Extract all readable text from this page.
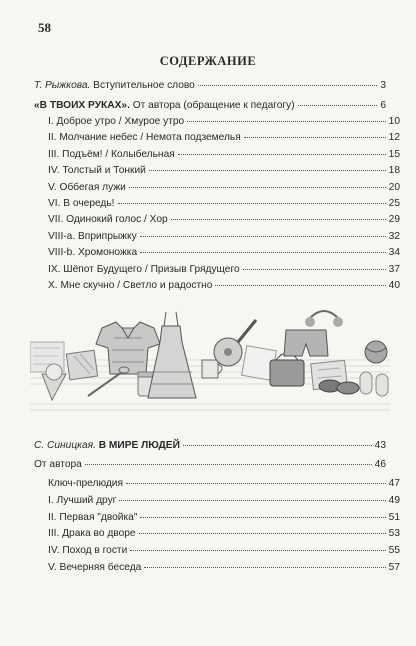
58
СОДЕРЖАНИЕ
Т. Рыжкова. Вступительное слово	3
«В ТВОИХ РУКАХ». От автора (обращение к педагогу)	6
I. Доброе утро / Хмурое утро	10
II. Молчание небес / Немота подземелья	12
III. Подъём! / Колыбельная	15
IV. Толстый и Тонкий	18
V. Оббегая лужи	20
VI. В очередь!	25
VII. Одинокий голос / Хор	29
VIII-а. Вприпрыжку	32
VIII-b. Хромоножка	34
IX. Шёпот Будущего / Призыв Грядущего	37
X. Мне скучно / Светло и радостно	40
С. Синицкая. В МИРЕ ЛЮДЕЙ	43
От автора	46
Ключ-прелюдия	47
I. Лучший друг	49
II. Первая "двойка"	51
III. Драка во дворе	53
IV. Поход в гости	55
V. Вечерняя беседа	57
